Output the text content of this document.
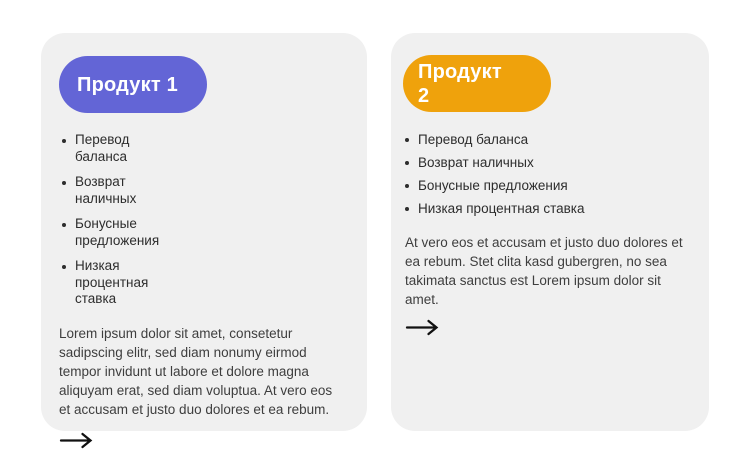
Продукт 1
Перевод баланса
Возврат наличных
Бонусные предложения
Низкая процентная ставка

Lorem ipsum dolor sit amet, consetetur sadipscing elitr, sed diam nonumy eirmod tempor invidunt ut labore et dolore magna aliquyam erat, sed diam voluptua. At vero eos et accusam et justo duo dolores et ea rebum.

Продукт 2
Перевод баланса
Возврат наличных
Бонусные предложения
Низкая процентная ставка

At vero eos et accusam et justo duo dolores et ea rebum. Stet clita kasd gubergren, no sea takimata sanctus est Lorem ipsum dolor sit amet.
